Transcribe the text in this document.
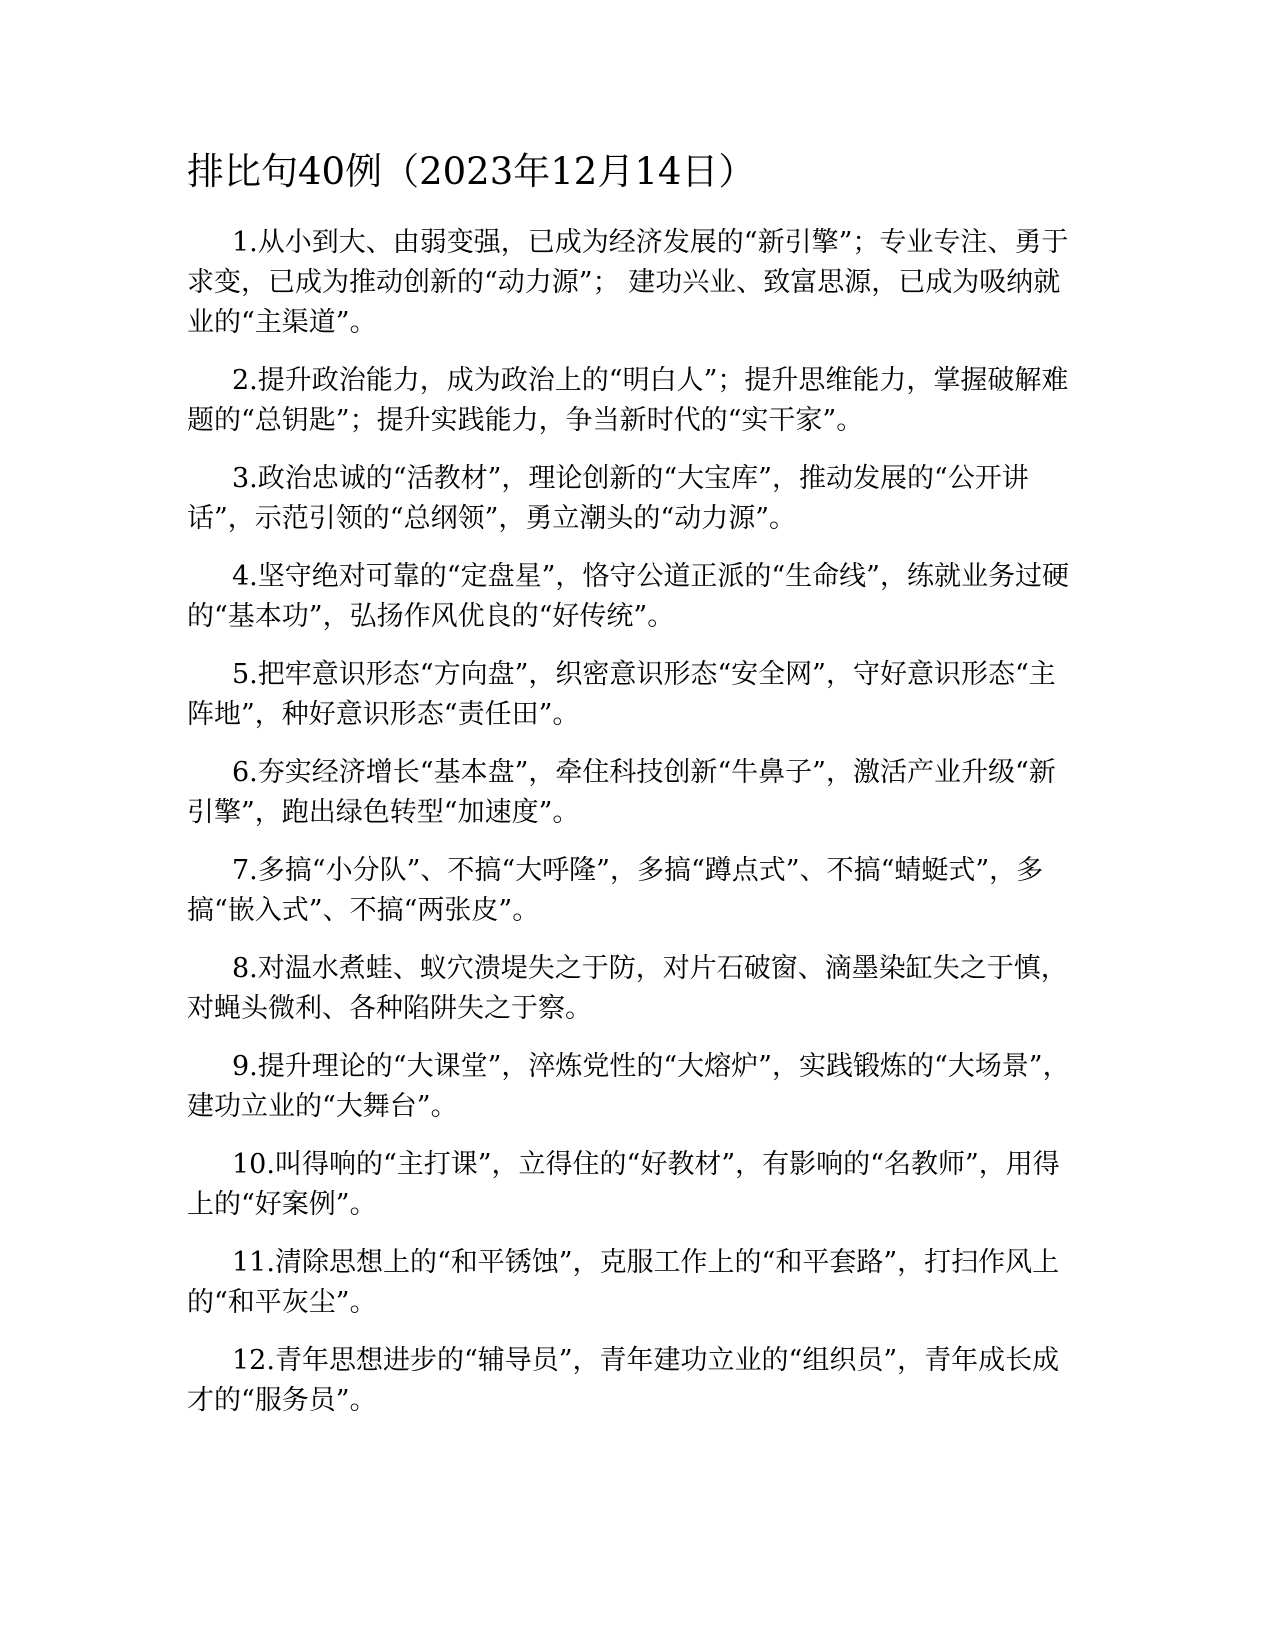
排比句40例（2023年12月14日）

1.从小到大、由弱变强，已成为经济发展的“新引擎”；专业专注、勇于求变，已成为推动创新的“动力源”； 建功兴业、致富思源，已成为吸纳就业的“主渠道”。

2.提升政治能力，成为政治上的“明白人”；提升思维能力，掌握破解难题的“总钥匙”；提升实践能力，争当新时代的“实干家”。

3.政治忠诚的“活教材”，理论创新的“大宝库”，推动发展的“公开讲话”，示范引领的“总纲领”，勇立潮头的“动力源”。

4.坚守绝对可靠的“定盘星”，恪守公道正派的“生命线”，练就业务过硬的“基本功”，弘扬作风优良的“好传统”。

5.把牢意识形态“方向盘”，织密意识形态“安全网”，守好意识形态“主阵地”，种好意识形态“责任田”。

6.夯实经济增长“基本盘”，牵住科技创新“牛鼻子”，激活产业升级“新引擎”，跑出绿色转型“加速度”。

7.多搞“小分队”、不搞“大呼隆”，多搞“蹲点式”、不搞“蜻蜓式”，多搞“嵌入式”、不搞“两张皮”。

8.对温水煮蛙、蚁穴溃堤失之于防，对片石破窗、滴墨染缸失之于慎，对蝇头微利、各种陷阱失之于察。

9.提升理论的“大课堂”，淬炼党性的“大熔炉”，实践锻炼的“大场景”，建功立业的“大舞台”。

10.叫得响的“主打课”，立得住的“好教材”，有影响的“名教师”，用得上的“好案例”。

11.清除思想上的“和平锈蚀”，克服工作上的“和平套路”，打扫作风上的“和平灰尘”。

12.青年思想进步的“辅导员”，青年建功立业的“组织员”，青年成长成才的“服务员”。
